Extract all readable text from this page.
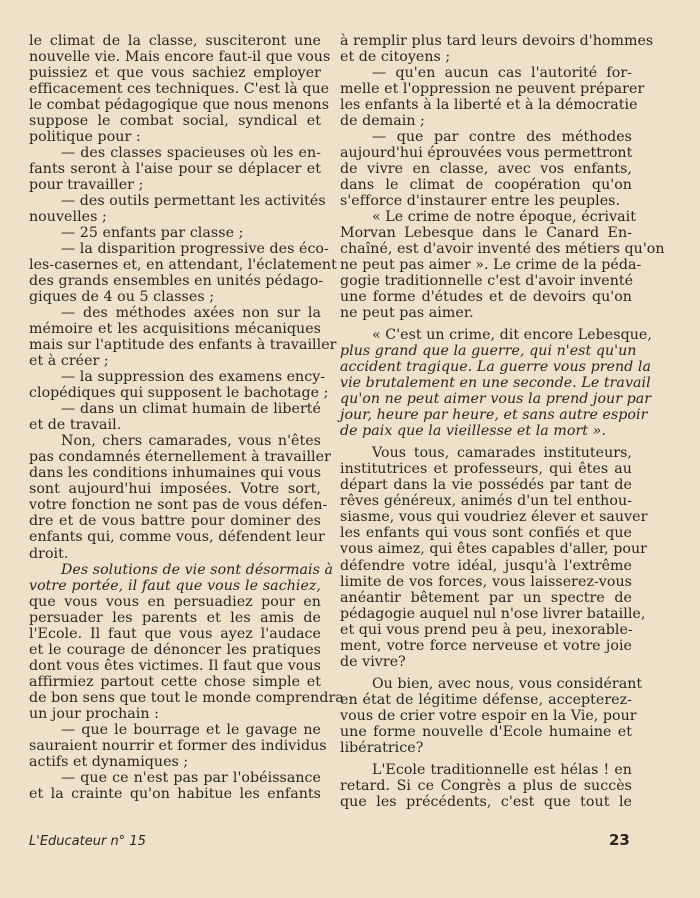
le climat de la classe, susciteront une
nouvelle vie. Mais encore faut-il que vous
puissiez et que vous sachiez employer
efficacement ces techniques. C'est là que
le combat pédagogique que nous menons
suppose le combat social, syndical et
politique pour :
— des classes spacieuses où les en-
fants seront à l'aise pour se déplacer et
pour travailler ;
— des outils permettant les activités
nouvelles ;
— 25 enfants par classe ;
— la disparition progressive des éco-
les-casernes et, en attendant, l'éclatement
des grands ensembles en unités pédago-
giques de 4 ou 5 classes ;
— des méthodes axées non sur la
mémoire et les acquisitions mécaniques
mais sur l'aptitude des enfants à travailler
et à créer ;
— la suppression des examens ency-
clopédiques qui supposent le bachotage ;
— dans un climat humain de liberté
et de travail.
Non, chers camarades, vous n'êtes
pas condamnés éternellement à travailler
dans les conditions inhumaines qui vous
sont aujourd'hui imposées. Votre sort,
votre fonction ne sont pas de vous défen-
dre et de vous battre pour dominer des
enfants qui, comme vous, défendent leur
droit.
Des solutions de vie sont désormais à
votre portée, il faut que vous le sachiez,
que vous vous en persuadiez pour en
persuader les parents et les amis de
l'Ecole. Il faut que vous ayez l'audace
et le courage de dénoncer les pratiques
dont vous êtes victimes. Il faut que vous
affirmiez partout cette chose simple et
de bon sens que tout le monde comprendra
un jour prochain :
— que le bourrage et le gavage ne
sauraient nourrir et former des individus
actifs et dynamiques ;
— que ce n'est pas par l'obéissance
et la crainte qu'on habitue les enfants
à remplir plus tard leurs devoirs d'hommes
et de citoyens ;
— qu'en aucun cas l'autorité for-
melle et l'oppression ne peuvent préparer
les enfants à la liberté et à la démocratie
de demain ;
— que par contre des méthodes
aujourd'hui éprouvées vous permettront
de vivre en classe, avec vos enfants,
dans le climat de coopération qu'on
s'efforce d'instaurer entre les peuples.
« Le crime de notre époque, écrivait
Morvan Lebesque dans le Canard En-
chaîné, est d'avoir inventé des métiers qu'on
ne peut pas aimer ». Le crime de la péda-
gogie traditionnelle c'est d'avoir inventé
une forme d'études et de devoirs qu'on
ne peut pas aimer.
« C'est un crime, dit encore Lebesque,
plus grand que la guerre, qui n'est qu'un
accident tragique. La guerre vous prend la
vie brutalement en une seconde. Le travail
qu'on ne peut aimer vous la prend jour par
jour, heure par heure, et sans autre espoir
de paix que la vieillesse et la mort ».
Vous tous, camarades instituteurs,
institutrices et professeurs, qui êtes au
départ dans la vie possédés par tant de
rêves généreux, animés d'un tel enthou-
siasme, vous qui voudriez élever et sauver
les enfants qui vous sont confiés et que
vous aimez, qui êtes capables d'aller, pour
défendre votre idéal, jusqu'à l'extrême
limite de vos forces, vous laisserez-vous
anéantir bêtement par un spectre de
pédagogie auquel nul n'ose livrer bataille,
et qui vous prend peu à peu, inexorable-
ment, votre force nerveuse et votre joie
de vivre?
Ou bien, avec nous, vous considérant
en état de légitime défense, accepterez-
vous de crier votre espoir en la Vie, pour
une forme nouvelle d'Ecole humaine et
libératrice?
L'Ecole traditionnelle est hélas ! en
retard. Si ce Congrès a plus de succès
que les précédents, c'est que tout le
L'Educateur n° 15	23
